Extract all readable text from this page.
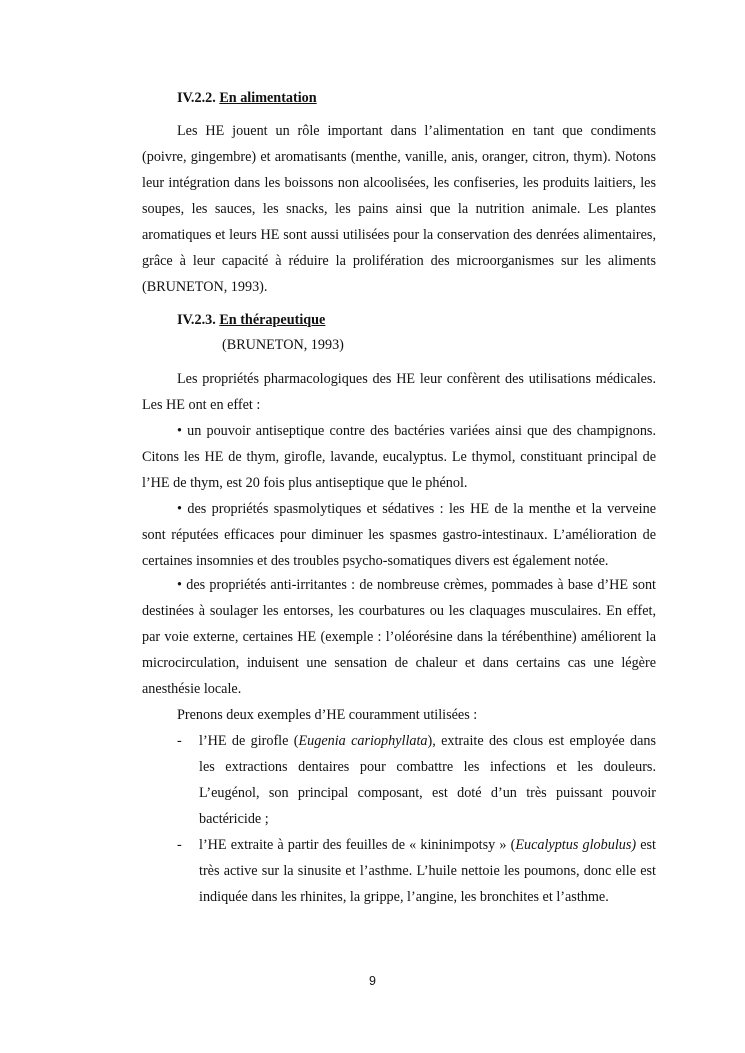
IV.2.2. En alimentation
Les HE jouent un rôle important dans l’alimentation en tant que condiments (poivre, gingembre) et aromatisants (menthe, vanille, anis, oranger, citron, thym). Notons leur intégration dans les boissons non alcoolisées, les confiseries, les produits laitiers, les soupes, les sauces, les snacks, les pains ainsi que la nutrition animale. Les plantes aromatiques et leurs HE sont aussi utilisées pour la conservation des denrées alimentaires, grâce à leur capacité à réduire la prolifération des microorganismes sur les aliments (BRUNETON, 1993).
IV.2.3. En thérapeutique
(BRUNETON, 1993)
Les propriétés pharmacologiques des HE leur confèrent des utilisations médicales. Les HE ont en effet :
• un pouvoir antiseptique contre des bactéries variées ainsi que des champignons. Citons les HE de thym, girofle, lavande, eucalyptus. Le thymol, constituant principal de l’HE de thym, est 20 fois plus antiseptique que le phénol.
• des propriétés spasmolytiques et sédatives : les HE de la menthe et la verveine sont réputées efficaces pour diminuer les spasmes gastro-intestinaux. L’amélioration de certaines insomnies et des troubles psycho-somatiques divers est également notée.
• des propriétés anti-irritantes : de nombreuse crèmes, pommades à base d’HE sont destinées à soulager les entorses, les courbatures ou les claquages musculaires. En effet, par voie externe, certaines HE (exemple : l’oléorésine dans la térébenthine) améliorent la microcirculation, induisent une sensation de chaleur et dans certains cas une légère anesthésie locale.
Prenons deux exemples d’HE couramment utilisées :
- l’HE de girofle (Eugenia cariophyllata), extraite des clous est employée dans les extractions dentaires pour combattre les infections et les douleurs. L’eugénol, son principal composant, est doté d’un très puissant pouvoir bactéricide ;
- l’HE extraite à partir des feuilles de « kininimpotsy » (Eucalyptus globulus) est très active sur la sinusite et l’asthme. L’huile nettoie les poumons, donc elle est indiquée dans les rhinites, la grippe, l’angine, les bronchites et l’asthme.
9
